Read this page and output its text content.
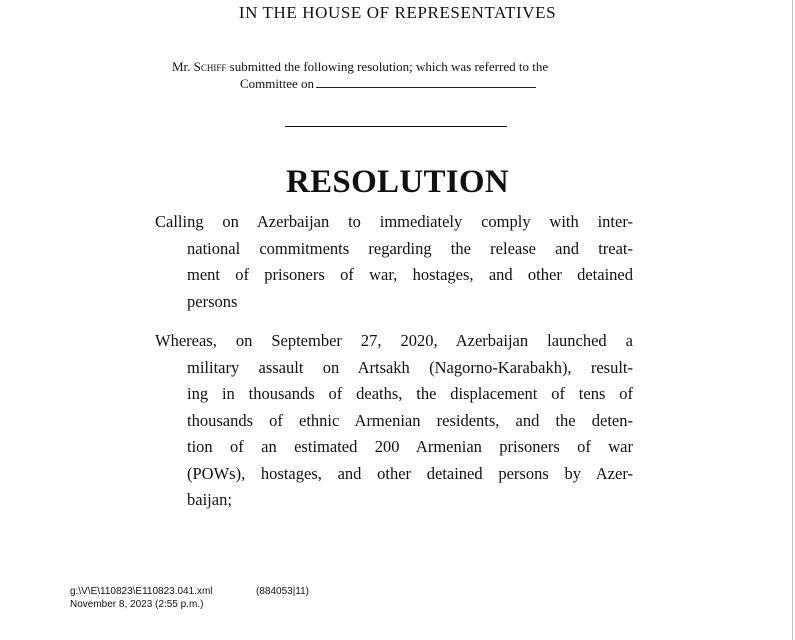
IN THE HOUSE OF REPRESENTATIVES
Mr. Schiff submitted the following resolution; which was referred to the
Committee on
RESOLUTION
Calling on Azerbaijan to immediately comply with inter-
national commitments regarding the release and treat-
ment of prisoners of war, hostages, and other detained
persons
Whereas, on September 27, 2020, Azerbaijan launched a
military assault on Artsakh (Nagorno-Karabakh), result-
ing in thousands of deaths, the displacement of tens of
thousands of ethnic Armenian residents, and the deten-
tion of an estimated 200 Armenian prisoners of war
(POWs), hostages, and other detained persons by Azer-
baijan;
g:\V\E\110823\E110823.041.xml	(884053|11)
November 8, 2023 (2:55 p.m.)
